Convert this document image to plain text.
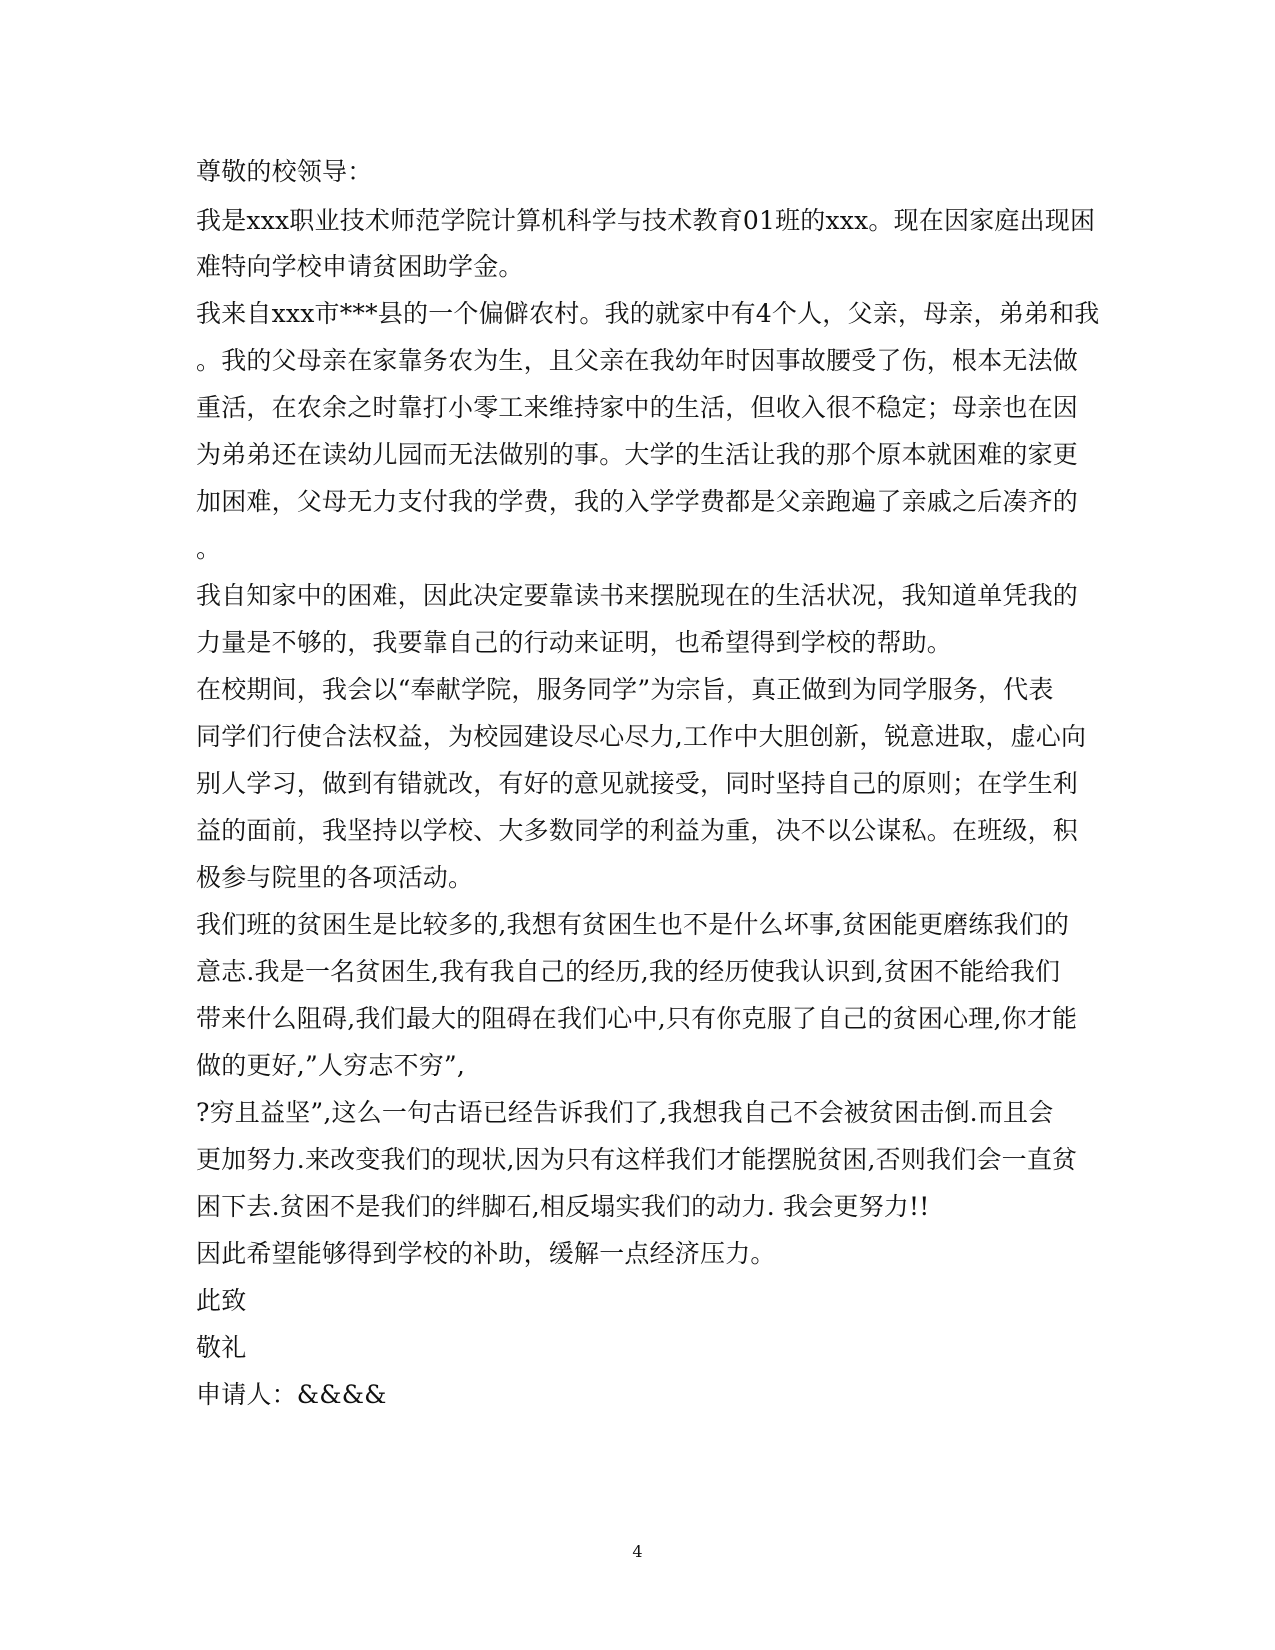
尊敬的校领导：
我是xxx职业技术师范学院计算机科学与技术教育01班的xxx。现在因家庭出现困
难特向学校申请贫困助学金。
我来自xxx市***县的一个偏僻农村。我的就家中有4个人，父亲，母亲，弟弟和我
。我的父母亲在家靠务农为生，且父亲在我幼年时因事故腰受了伤，根本无法做
重活，在农余之时靠打小零工来维持家中的生活，但收入很不稳定；母亲也在因
为弟弟还在读幼儿园而无法做别的事。大学的生活让我的那个原本就困难的家更
加困难，父母无力支付我的学费，我的入学学费都是父亲跑遍了亲戚之后凑齐的
。
我自知家中的困难，因此决定要靠读书来摆脱现在的生活状况，我知道单凭我的
力量是不够的，我要靠自己的行动来证明，也希望得到学校的帮助。
在校期间，我会以“奉献学院，服务同学”为宗旨，真正做到为同学服务，代表
同学们行使合法权益，为校园建设尽心尽力,工作中大胆创新，锐意进取，虚心向
别人学习，做到有错就改，有好的意见就接受，同时坚持自己的原则；在学生利
益的面前，我坚持以学校、大多数同学的利益为重，决不以公谋私。在班级，积
极参与院里的各项活动。
我们班的贫困生是比较多的,我想有贫困生也不是什么坏事,贫困能更磨练我们的
意志.我是一名贫困生,我有我自己的经历,我的经历使我认识到,贫困不能给我们
带来什么阻碍,我们最大的阻碍在我们心中,只有你克服了自己的贫困心理,你才能
做的更好,”人穷志不穷”,
?穷且益坚”,这么一句古语已经告诉我们了,我想我自己不会被贫困击倒.而且会
更加努力.来改变我们的现状,因为只有这样我们才能摆脱贫困,否则我们会一直贫
困下去.贫困不是我们的绊脚石,相反塌实我们的动力. 我会更努力!!
因此希望能够得到学校的补助，缓解一点经济压力。
此致
敬礼
申请人：&&&&
4
